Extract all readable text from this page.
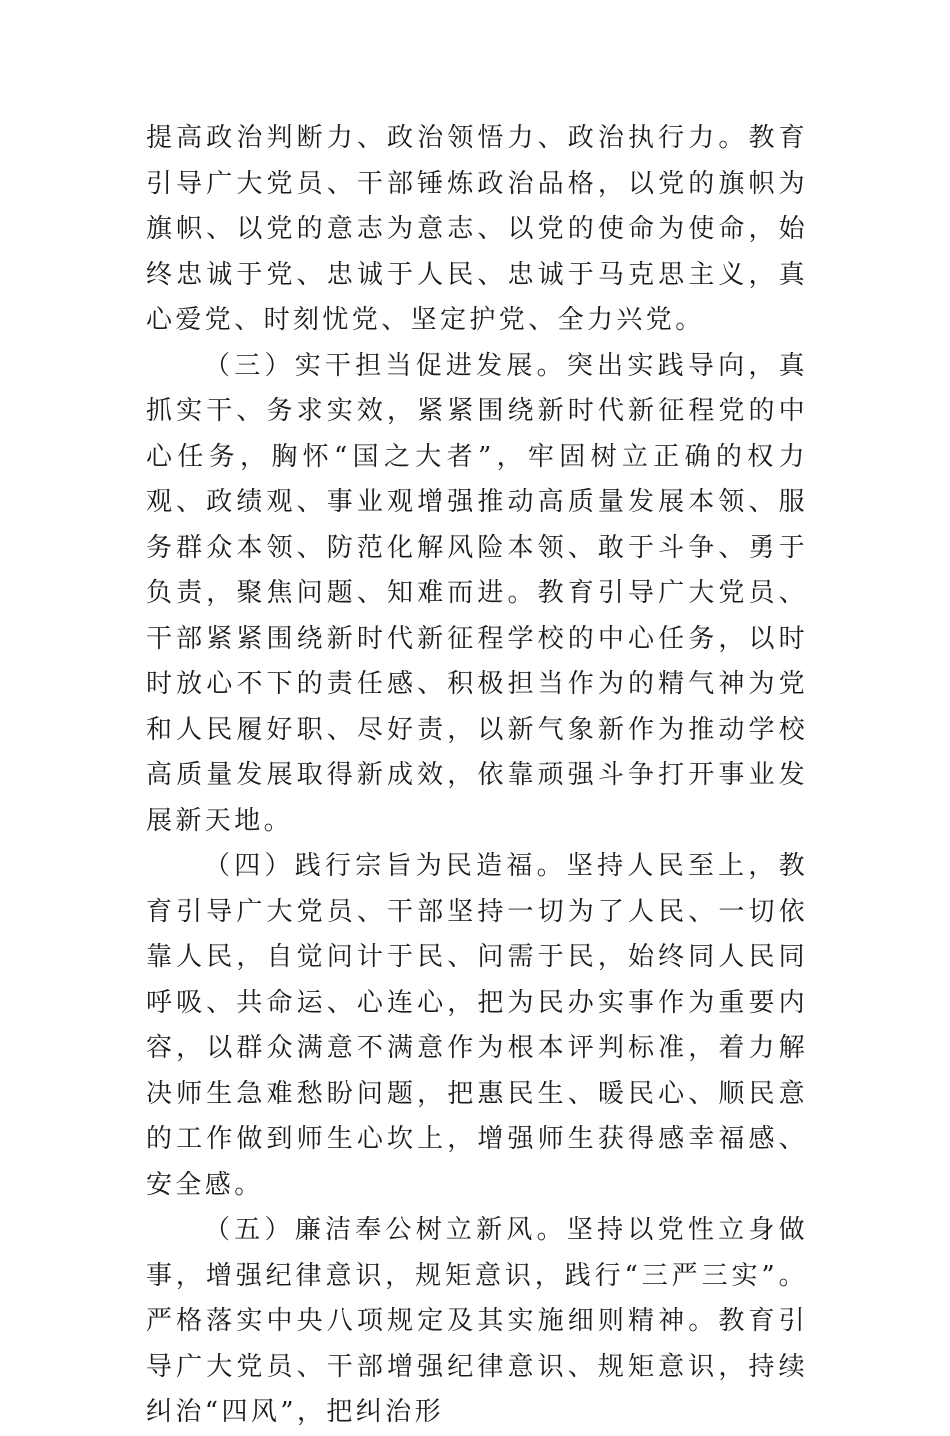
提高政治判断力、政治领悟力、政治执行力。教育引导广大党员、干部锤炼政治品格，以党的旗帜为旗帜、以党的意志为意志、以党的使命为使命，始终忠诚于党、忠诚于人民、忠诚于马克思主义，真心爱党、时刻忧党、坚定护党、全力兴党。

（三）实干担当促进发展。突出实践导向，真抓实干、务求实效，紧紧围绕新时代新征程党的中心任务，胸怀“国之大者”，牢固树立正确的权力观、政绩观、事业观增强推动高质量发展本领、服务群众本领、防范化解风险本领、敢于斗争、勇于负责，聚焦问题、知难而进。教育引导广大党员、干部紧紧围绕新时代新征程学校的中心任务，以时时放心不下的责任感、积极担当作为的精气神为党和人民履好职、尽好责，以新气象新作为推动学校高质量发展取得新成效，依靠顽强斗争打开事业发展新天地。

（四）践行宗旨为民造福。坚持人民至上，教育引导广大党员、干部坚持一切为了人民、一切依靠人民，自觉问计于民、问需于民，始终同人民同呼吸、共命运、心连心，把为民办实事作为重要内容，以群众满意不满意作为根本评判标准，着力解决师生急难愁盼问题，把惠民生、暖民心、顺民意的工作做到师生心坎上，增强师生获得感幸福感、安全感。

（五）廉洁奉公树立新风。坚持以党性立身做事，增强纪律意识，规矩意识，践行“三严三实”。严格落实中央八项规定及其实施细则精神。教育引导广大党员、干部增强纪律意识、规矩意识，持续纠治“四风”，把纠治形
